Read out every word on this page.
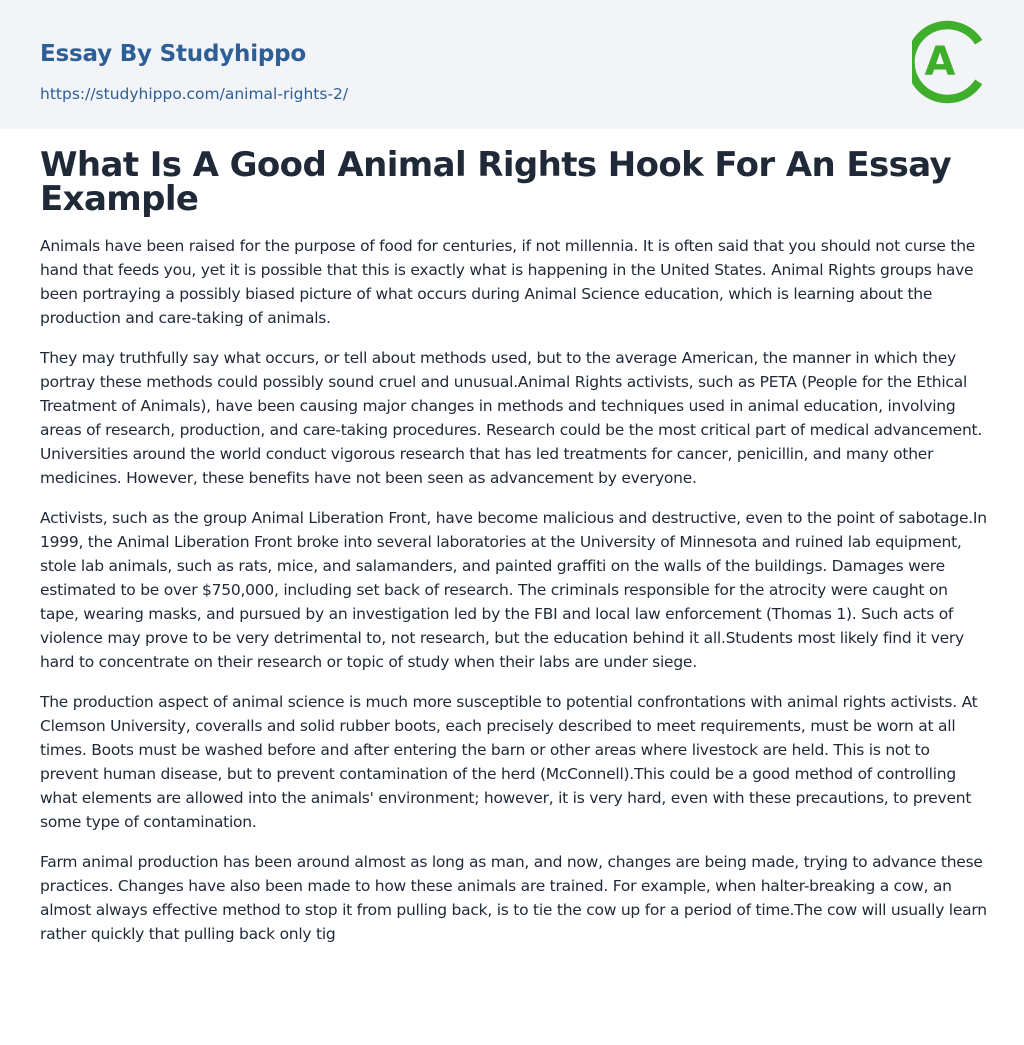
Essay By Studyhippo
https://studyhippo.com/animal-rights-2/
A
What Is A Good Animal Rights Hook For An Essay Example

Animals have been raised for the purpose of food for centuries, if not millennia. It is often said that you should not curse the hand that feeds you, yet it is possible that this is exactly what is happening in the United States. Animal Rights groups have been portraying a possibly biased picture of what occurs during Animal Science education, which is learning about the production and care-taking of animals.

They may truthfully say what occurs, or tell about methods used, but to the average American, the manner in which they portray these methods could possibly sound cruel and unusual.Animal Rights activists, such as PETA (People for the Ethical Treatment of Animals), have been causing major changes in methods and techniques used in animal education, involving areas of research, production, and care-taking procedures. Research could be the most critical part of medical advancement. Universities around the world conduct vigorous research that has led treatments for cancer, penicillin, and many other medicines. However, these benefits have not been seen as advancement by everyone.

Activists, such as the group Animal Liberation Front, have become malicious and destructive, even to the point of sabotage.In 1999, the Animal Liberation Front broke into several laboratories at the University of Minnesota and ruined lab equipment, stole lab animals, such as rats, mice, and salamanders, and painted graffiti on the walls of the buildings. Damages were estimated to be over $750,000, including set back of research. The criminals responsible for the atrocity were caught on tape, wearing masks, and pursued by an investigation led by the FBI and local law enforcement (Thomas 1). Such acts of violence may prove to be very detrimental to, not research, but the education behind it all.Students most likely find it very hard to concentrate on their research or topic of study when their labs are under siege.

The production aspect of animal science is much more susceptible to potential confrontations with animal rights activists. At Clemson University, coveralls and solid rubber boots, each precisely described to meet requirements, must be worn at all times. Boots must be washed before and after entering the barn or other areas where livestock are held. This is not to prevent human disease, but to prevent contamination of the herd (McConnell).This could be a good method of controlling what elements are allowed into the animals' environment; however, it is very hard, even with these precautions, to prevent some type of contamination.

Farm animal production has been around almost as long as man, and now, changes are being made, trying to advance these practices. Changes have also been made to how these animals are trained. For example, when halter-breaking a cow, an almost always effective method to stop it from pulling back, is to tie the cow up for a period of time.The cow will usually learn rather quickly that pulling back only tig
